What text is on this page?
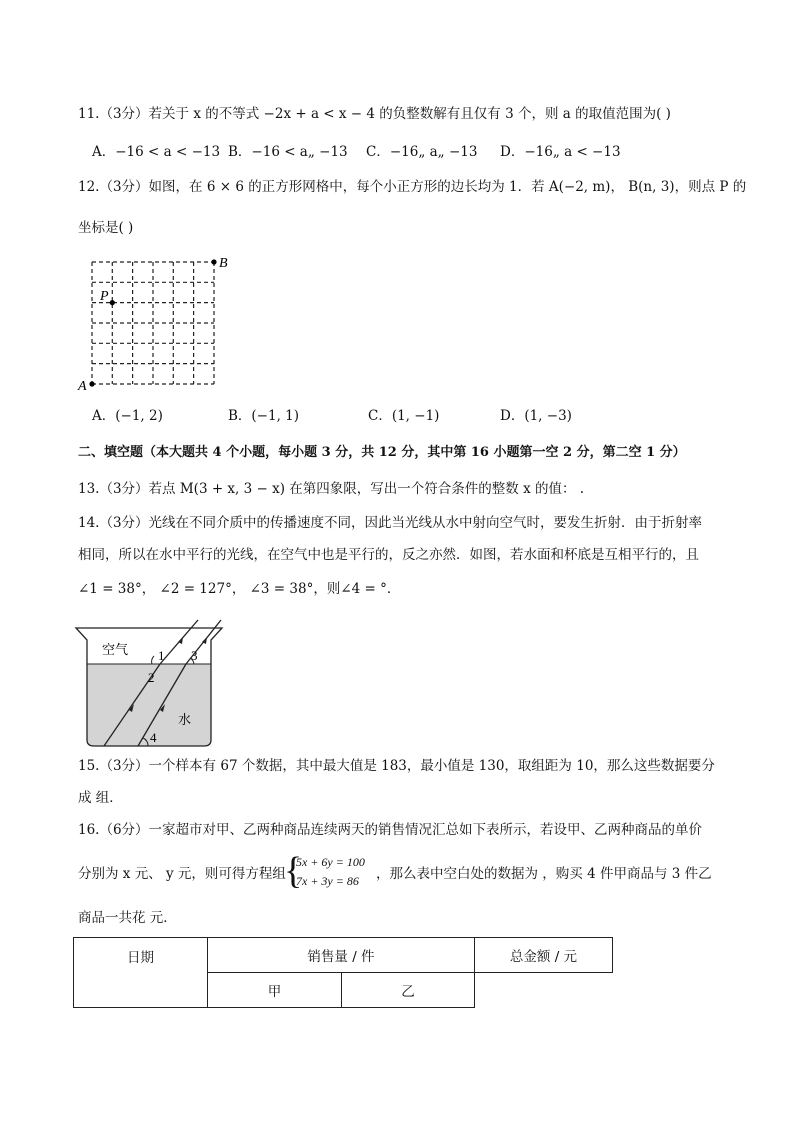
11.（3分）若关于 x 的不等式 −2x + a < x − 4 的负整数解有且仅有 3 个，则 a 的取值范围为( )
A．−16 < a < −13 B．−16 < a„ −13 C．−16„ a„ −13 D．−16„ a < −13
12.（3分）如图，在 6 × 6 的正方形网格中，每个小正方形的边长均为 1．若 A(−2, m)， B(n, 3)，则点 P 的
坐标是( )
A
B
P
A．(−1, 2)	B．(−1, 1)	C．(1, −1)	D．(1, −3)
二、填空题（本大题共 4 个小题，每小题 3 分，共 12 分，其中第 16 小题第一空 2 分，第二空 1 分）
13.（3分）若点 M(3 + x, 3 − x) 在第四象限，写出一个符合条件的整数 x 的值： .
14.（3分）光线在不同介质中的传播速度不同，因此当光线从水中射向空气时，要发生折射．由于折射率
相同，所以在水中平行的光线，在空气中也是平行的，反之亦然．如图，若水面和杯底是互相平行的，且
∠1 = 38°， ∠2 = 127°， ∠3 = 38°，则∠4 = °．
空气
水
1
2
3
4
15.（3分）一个样本有 67 个数据，其中最大值是 183，最小值是 130，取组距为 10，那么这些数据要分
成 组．
16.（6分）一家超市对甲、乙两种商品连续两天的销售情况汇总如下表所示，若设甲、乙两种商品的单价
分别为 x 元、 y 元，则可得方程组
{
5x + 6y = 100
7x + 3y = 86 ，那么表中空白处的数据为 ，购买 4 件甲商品与 3 件乙
商品一共花 元．
日期	销售量 / 件		总金额 / 元
	甲	乙	
